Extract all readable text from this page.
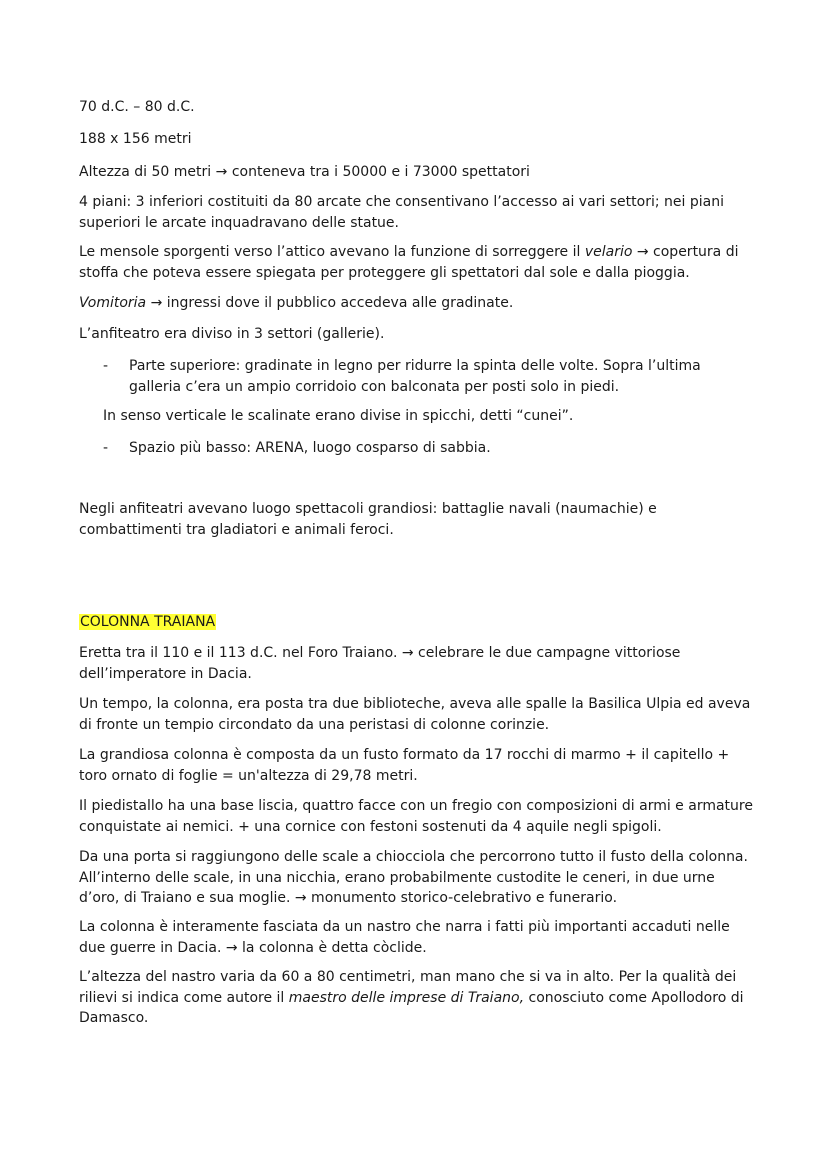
70 d.C. – 80 d.C.

188 x 156 metri

Altezza di 50 metri → conteneva tra i 50000 e i 73000 spettatori

4 piani: 3 inferiori costituiti da 80 arcate che consentivano l’accesso ai vari settori; nei piani superiori le arcate inquadravano delle statue.

Le mensole sporgenti verso l’attico avevano la funzione di sorreggere il velario → copertura di stoffa che poteva essere spiegata per proteggere gli spettatori dal sole e dalla pioggia.

Vomitoria → ingressi dove il pubblico accedeva alle gradinate.

L’anfiteatro era diviso in 3 settori (gallerie).

- Parte superiore: gradinate in legno per ridurre la spinta delle volte. Sopra l’ultima galleria c’era un ampio corridoio con balconata per posti solo in piedi.

In senso verticale le scalinate erano divise in spicchi, detti “cunei”.

- Spazio più basso: ARENA, luogo cosparso di sabbia.

Negli anfiteatri avevano luogo spettacoli grandiosi: battaglie navali (naumachie) e combattimenti tra gladiatori e animali feroci.

COLONNA TRAIANA

Eretta tra il 110 e il 113 d.C. nel Foro Traiano. → celebrare le due campagne vittoriose dell’imperatore in Dacia.

Un tempo, la colonna, era posta tra due biblioteche, aveva alle spalle la Basilica Ulpia ed aveva di fronte un tempio circondato da una peristasi di colonne corinzie.

La grandiosa colonna è composta da un fusto formato da 17 rocchi di marmo + il capitello + toro ornato di foglie = un'altezza di 29,78 metri.

Il piedistallo ha una base liscia, quattro facce con un fregio con composizioni di armi e armature conquistate ai nemici. + una cornice con festoni sostenuti da 4 aquile negli spigoli.

Da una porta si raggiungono delle scale a chiocciola che percorrono tutto il fusto della colonna. All’interno delle scale, in una nicchia, erano probabilmente custodite le ceneri, in due urne d’oro, di Traiano e sua moglie. → monumento storico-celebrativo e funerario.

La colonna è interamente fasciata da un nastro che narra i fatti più importanti accaduti nelle due guerre in Dacia. → la colonna è detta còclide.

L’altezza del nastro varia da 60 a 80 centimetri, man mano che si va in alto. Per la qualità dei rilievi si indica come autore il maestro delle imprese di Traiano, conosciuto come Apollodoro di Damasco.
